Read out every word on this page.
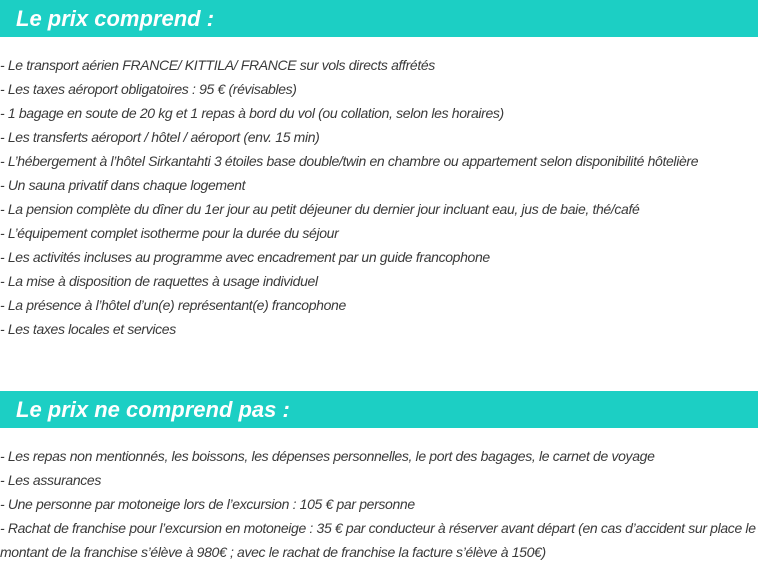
Le prix comprend :
- Le transport aérien FRANCE/ KITTILA/ FRANCE sur vols directs affrétés
- Les taxes aéroport obligatoires : 95 € (révisables)
- 1 bagage en soute de 20 kg et 1 repas à bord du vol (ou collation, selon les horaires)
- Les transferts aéroport / hôtel / aéroport (env. 15 min)
- L’hébergement à l’hôtel Sirkantahti 3 étoiles base double/twin en chambre ou appartement selon disponibilité hôtelière
- Un sauna privatif dans chaque logement
- La pension complète du dîner du 1er jour au petit déjeuner du dernier jour incluant eau, jus de baie, thé/café
- L’équipement complet isotherme pour la durée du séjour
- Les activités incluses au programme avec encadrement par un guide francophone
- La mise à disposition de raquettes à usage individuel
- La présence à l’hôtel d’un(e) représentant(e) francophone
- Les taxes locales et services
Le prix ne comprend pas :
- Les repas non mentionnés, les boissons, les dépenses personnelles, le port des bagages, le carnet de voyage
- Les assurances
- Une personne par motoneige lors de l’excursion : 105 € par personne
- Rachat de franchise pour l’excursion en motoneige : 35 € par conducteur à réserver avant départ (en cas d’accident sur place le montant de la franchise s’élève à 980€ ; avec le rachat de franchise la facture s’élève à 150€)
